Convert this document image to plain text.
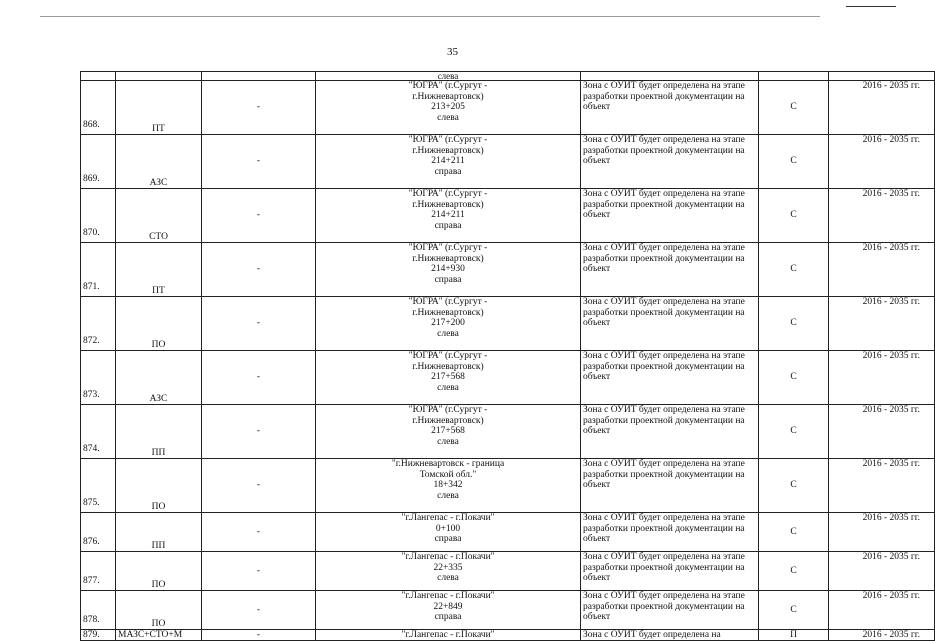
35
			слева			
868.	ПТ	-	"ЮГРА" (г.Сургут -
г.Нижневартовск)
213+205
слева	Зона с ОУИТ будет определена на этапе разработки проектной документации на объект	С	2016 - 2035 гг.
869.	АЗС	-	"ЮГРА" (г.Сургут -
г.Нижневартовск)
214+211
справа	Зона с ОУИТ будет определена на этапе разработки проектной документации на объект	С	2016 - 2035 гг.
870.	СТО	-	"ЮГРА" (г.Сургут -
г.Нижневартовск)
214+211
справа	Зона с ОУИТ будет определена на этапе разработки проектной документации на объект	С	2016 - 2035 гг.
871.	ПТ	-	"ЮГРА" (г.Сургут -
г.Нижневартовск)
214+930
справа	Зона с ОУИТ будет определена на этапе разработки проектной документации на объект	С	2016 - 2035 гг.
872.	ПО	-	"ЮГРА" (г.Сургут -
г.Нижневартовск)
217+200
слева	Зона с ОУИТ будет определена на этапе разработки проектной документации на объект	С	2016 - 2035 гг.
873.	АЗС	-	"ЮГРА" (г.Сургут -
г.Нижневартовск)
217+568
слева	Зона с ОУИТ будет определена на этапе разработки проектной документации на объект	С	2016 - 2035 гг.
874.	ПП	-	"ЮГРА" (г.Сургут -
г.Нижневартовск)
217+568
слева	Зона с ОУИТ будет определена на этапе разработки проектной документации на объект	С	2016 - 2035 гг.
875.	ПО	-	"г.Нижневартовск - граница
Томской обл."
18+342
слева	Зона с ОУИТ будет определена на этапе разработки проектной документации на объект	С	2016 - 2035 гг.
876.	ПП	-	"г.Лангепас - г.Покачи"
0+100
справа	Зона с ОУИТ будет определена на этапе разработки проектной документации на объект	С	2016 - 2035 гг.
877.	ПО	-	"г.Лангепас - г.Покачи"
22+335
слева	Зона с ОУИТ будет определена на этапе разработки проектной документации на объект	С	2016 - 2035 гг.
878.	ПО	-	"г.Лангепас - г.Покачи"
22+849
справа	Зона с ОУИТ будет определена на этапе разработки проектной документации на объект	С	2016 - 2035 гг.
879.	МАЗС+СТО+М	-	"г.Лангепас - г.Покачи"	Зона с ОУИТ будет определена на	П	2016 - 2035 гг.
